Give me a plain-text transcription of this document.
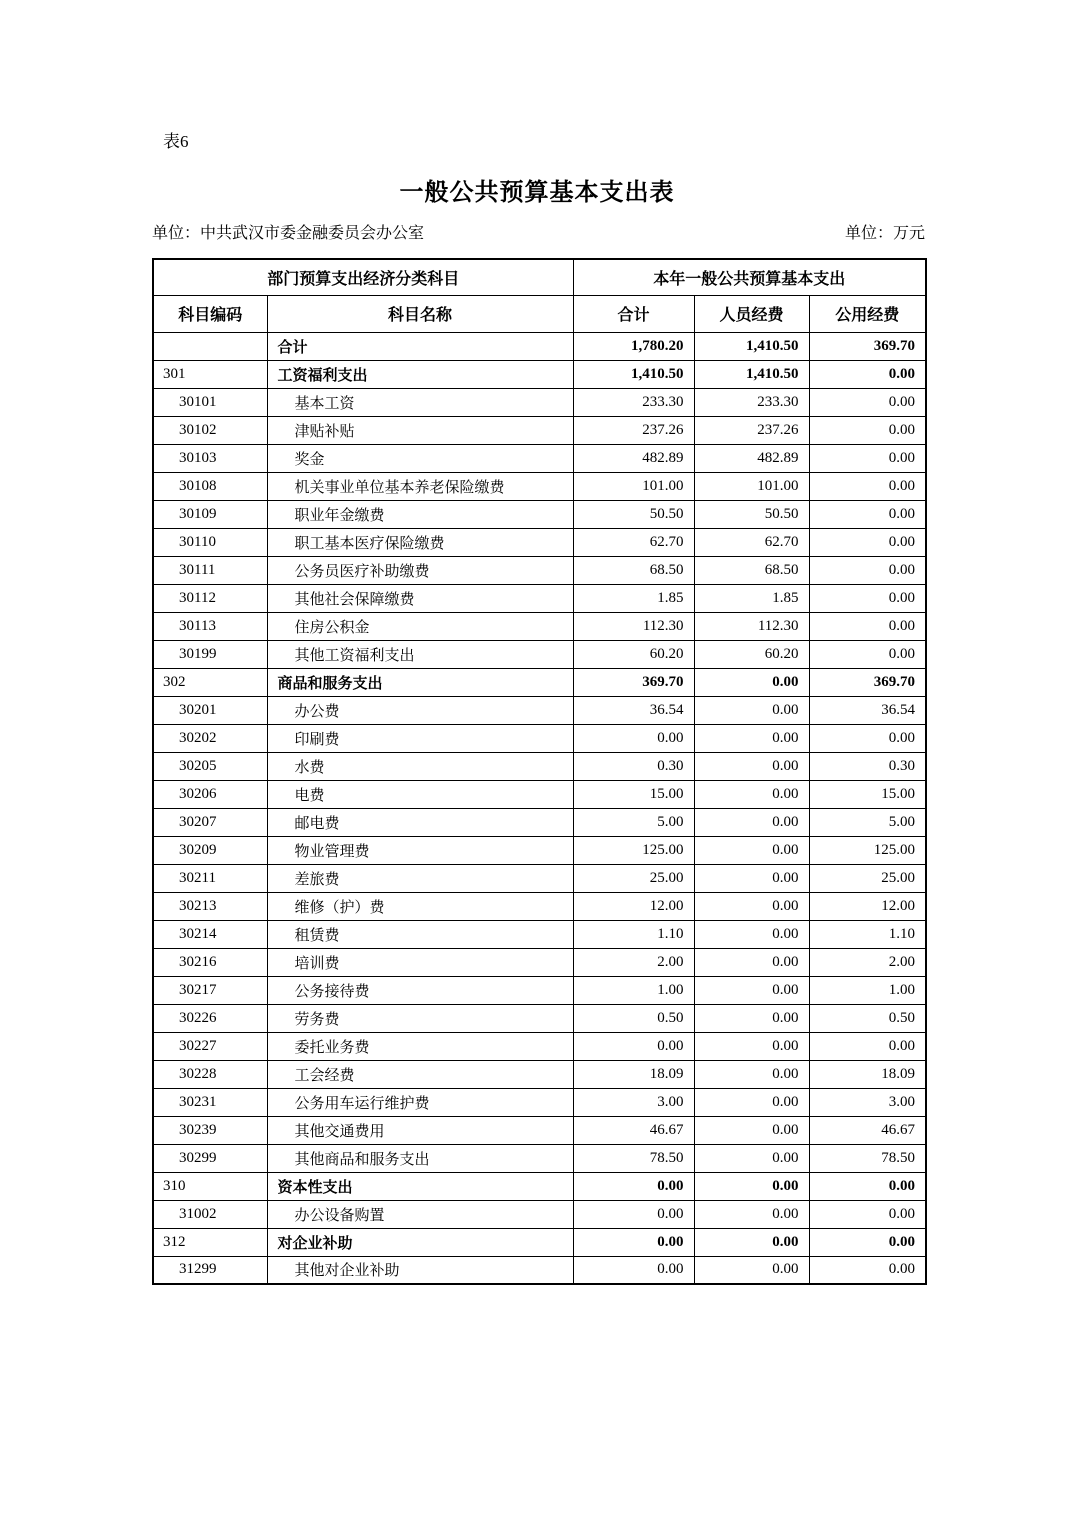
表6
一般公共预算基本支出表
单位：中共武汉市委金融委员会办公室	单位：万元
部门预算支出经济分类科目		本年一般公共预算基本支出		
科目编码	科目名称	合计	人员经费	公用经费
	合计	1,780.20	1,410.50	369.70
301	工资福利支出	1,410.50	1,410.50	0.00
30101	基本工资	233.30	233.30	0.00
30102	津贴补贴	237.26	237.26	0.00
30103	奖金	482.89	482.89	0.00
30108	机关事业单位基本养老保险缴费	101.00	101.00	0.00
30109	职业年金缴费	50.50	50.50	0.00
30110	职工基本医疗保险缴费	62.70	62.70	0.00
30111	公务员医疗补助缴费	68.50	68.50	0.00
30112	其他社会保障缴费	1.85	1.85	0.00
30113	住房公积金	112.30	112.30	0.00
30199	其他工资福利支出	60.20	60.20	0.00
302	商品和服务支出	369.70	0.00	369.70
30201	办公费	36.54	0.00	36.54
30202	印刷费	0.00	0.00	0.00
30205	水费	0.30	0.00	0.30
30206	电费	15.00	0.00	15.00
30207	邮电费	5.00	0.00	5.00
30209	物业管理费	125.00	0.00	125.00
30211	差旅费	25.00	0.00	25.00
30213	维修（护）费	12.00	0.00	12.00
30214	租赁费	1.10	0.00	1.10
30216	培训费	2.00	0.00	2.00
30217	公务接待费	1.00	0.00	1.00
30226	劳务费	0.50	0.00	0.50
30227	委托业务费	0.00	0.00	0.00
30228	工会经费	18.09	0.00	18.09
30231	公务用车运行维护费	3.00	0.00	3.00
30239	其他交通费用	46.67	0.00	46.67
30299	其他商品和服务支出	78.50	0.00	78.50
310	资本性支出	0.00	0.00	0.00
31002	办公设备购置	0.00	0.00	0.00
312	对企业补助	0.00	0.00	0.00
31299	其他对企业补助	0.00	0.00	0.00
